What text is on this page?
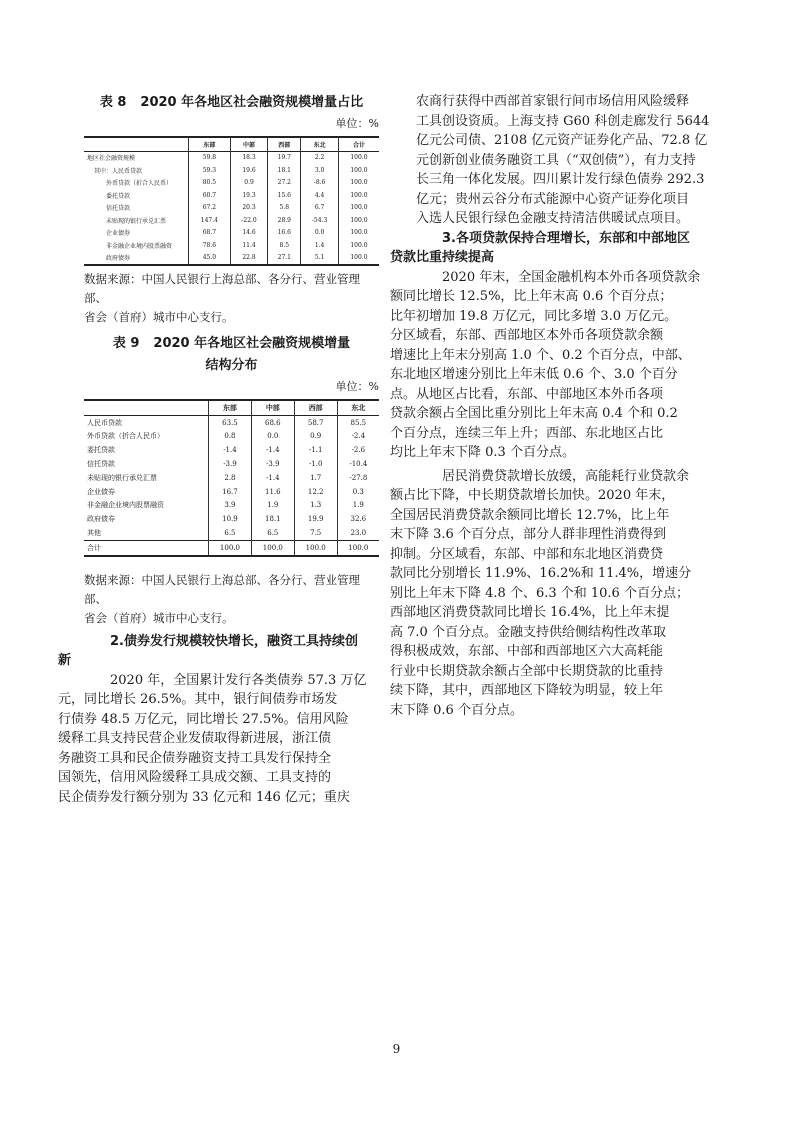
表 8 2020 年各地区社会融资规模增量占比
单位：%
	东部	中部	西部	东北	合计
地区社会融资规模	59.8	18.3	19.7	2.2	100.0
其中：人民币贷款	59.3	19.6	18.1	3.0	100.0
外币贷款（折合人民币）	80.5	0.9	27.2	-8.6	100.0
委托贷款	60.7	19.3	15.6	4.4	100.0
信托贷款	67.2	20.3	5.8	6.7	100.0
未贴现的银行承兑汇票	147.4	-22.0	28.9	-54.3	100.0
企业债券	68.7	14.6	16.6	0.0	100.0
非金融企业境内股票融资	78.6	11.4	8.5	1.4	100.0
政府债券	45.0	22.8	27.1	5.1	100.0

数据来源：中国人民银行上海总部、各分行、营业管理部、
省会（首府）城市中心支行。

表 9 2020 年各地区社会融资规模增量
结构分布
单位：%
	东部	中部	西部	东北
人民币贷款	63.5	68.6	58.7	85.5
外币贷款（折合人民币）	0.8	0.0	0.9	-2.4
委托贷款	-1.4	-1.4	-1.1	-2.6
信托贷款	-3.9	-3.9	-1.0	-10.4
未贴现的银行承兑汇票	2.8	-1.4	1.7	-27.8
企业债券	16.7	11.6	12.2	0.3
非金融企业境内股票融资	3.9	1.9	1.3	1.9
政府债券	10.9	18.1	19.9	32.6
其他	6.5	6.5	7.5	23.0
合计	100.0	100.0	100.0	100.0

数据来源：中国人民银行上海总部、各分行、营业管理部、
省会（首府）城市中心支行。

2.债券发行规模较快增长，融资工具持续创
新

2020 年，全国累计发行各类债券 57.3 万亿
元，同比增长 26.5%。其中，银行间债券市场发
行债券 48.5 万亿元，同比增长 27.5%。信用风险
缓释工具支持民营企业发债取得新进展，浙江债
务融资工具和民企债券融资支持工具发行保持全
国领先，信用风险缓释工具成交额、工具支持的
民企债券发行额分别为 33 亿元和 146 亿元；重庆

农商行获得中西部首家银行间市场信用风险缓释
工具创设资质。上海支持 G60 科创走廊发行 5644
亿元公司债、2108 亿元资产证券化产品、72.8 亿
元创新创业债务融资工具（“双创债”），有力支持
长三角一体化发展。四川累计发行绿色债券 292.3
亿元；贵州云谷分布式能源中心资产证券化项目
入选人民银行绿色金融支持清洁供暖试点项目。

3.各项贷款保持合理增长，东部和中部地区
贷款比重持续提高

2020 年末，全国金融机构本外币各项贷款余
额同比增长 12.5%，比上年末高 0.6 个百分点；
比年初增加 19.8 万亿元，同比多增 3.0 万亿元。
分区域看，东部、西部地区本外币各项贷款余额
增速比上年末分别高 1.0 个、0.2 个百分点，中部、
东北地区增速分别比上年末低 0.6 个、3.0 个百分
点。从地区占比看，东部、中部地区本外币各项
贷款余额占全国比重分别比上年末高 0.4 个和 0.2
个百分点，连续三年上升；西部、东北地区占比
均比上年末下降 0.3 个百分点。

居民消费贷款增长放缓，高能耗行业贷款余
额占比下降，中长期贷款增长加快。2020 年末，
全国居民消费贷款余额同比增长 12.7%，比上年
末下降 3.6 个百分点，部分人群非理性消费得到
抑制。分区域看，东部、中部和东北地区消费贷
款同比分别增长 11.9%、16.2%和 11.4%，增速分
别比上年末下降 4.8 个、6.3 个和 10.6 个百分点；
西部地区消费贷款同比增长 16.4%，比上年末提
高 7.0 个百分点。金融支持供给侧结构性改革取
得积极成效，东部、中部和西部地区六大高耗能
行业中长期贷款余额占全部中长期贷款的比重持
续下降，其中，西部地区下降较为明显，较上年
末下降 0.6 个百分点。

9
